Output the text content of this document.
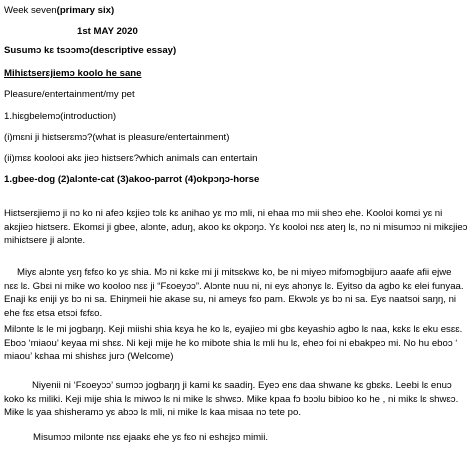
Week seven(primary six)

1st MAY 2020

Susumɔ kɛ tsɔɔmɔ(descriptive essay)

Mihiɛtserɛjiemɔ koolo he sane

Pleasure/entertainment/my pet

1.hiɛgbelemɔ(introduction)

(i)mɛni ji hiɛtserɛmɔ?(what is pleasure/entertainment)

(ii)mɛɛ koolooi akɛ jieɔ hiɛtserɛ?which animals can entertain

1.gbee-dog (2)alɔnte-cat (3)akoo-parrot (4)okpɔŋɔ-horse

Hiɛtserɛjiemɔ ji nɔ ko ni afeɔ kɛjieɔ tɔlɛ kɛ anihao yɛ mɔ mli, ni ehaa mɔ mii sheɔ ehe. Kooloi komɛi yɛ ni akɛjieɔ hiɛtserɛ. Ekomɛi ji gbee, alɔnte, aduŋ, akoo kɛ okpɔŋɔ. Yɛ kooloi nɛɛ ateŋ lɛ, nɔ ni misumɔɔ ni mikɛjieɔ mihiɛtsere ji alɔnte.

Miyɛ alɔnte yɛŋ fɛfɛo ko yɛ shia. Mɔ ni kɛke mi ji mitsɛkwɛ ko, be ni miyeɔ mifɔmɔgbijurɔ aaafe afii ejwe nɛɛ lɛ. Gbɛi ni mike wo kooloo nɛɛ ji “Fɛoeyɔɔ”. Alɔnte nuu ni, ni eyɛ ahɔnyɛ lɛ. Eyitso da agbo kɛ elei funyaa. Enaji kɛ eniji yɛ bɔ ni sa. Ehiŋmeii hie akase su, ni ameyɛ fɛo pam. Ekwɔlɛ yɛ bɔ ni sa. Eyɛ naatsoi saŋŋ, ni ehe fɛɛ etsa etsɔi fɛfɛo.

Milɔnte lɛ le mi jogbaŋŋ. Keji miishi shia kɛya he ko lɛ, eyajieɔ mi gbɛ keyashiɔ agbo lɛ naa, kɛkɛ lɛ eku esɛɛ. Eboɔ ‘miaou’ keyaa mi shɛɛ. Ni keji mije he ko mibote shia lɛ mli hu lɛ, eheɔ foi ni ebakpeɔ mi. No hu eboɔ ‘ miaou’ kɛhaa mi shishɛɛ jurɔ (Welcome)

Niyenii ni ‘Fɛoeyɔɔ’ sumɔɔ jogbaŋŋ ji kami kɛ saadiŋ. Eyeɔ enɛ daa shwane kɛ gbɛkɛ. Leebi lɛ enuɔ koko kɛ miliki. Keji mije shia lɛ miwoɔ lɛ ni mike lɛ shwɛɔ. Mike kpaa fɔ bɔɔlu bibioo ko he , ni mikɛ lɛ shwɛɔ. Mike lɛ yaa shisheramɔ yɛ abɔɔ lɛ mli, ni mike lɛ kaa misaa nɔ tete po.

Misumɔɔ milɔnte nɛɛ ejaakɛ ehe yɛ fɛo ni eshɛjɛɔ mimii.
